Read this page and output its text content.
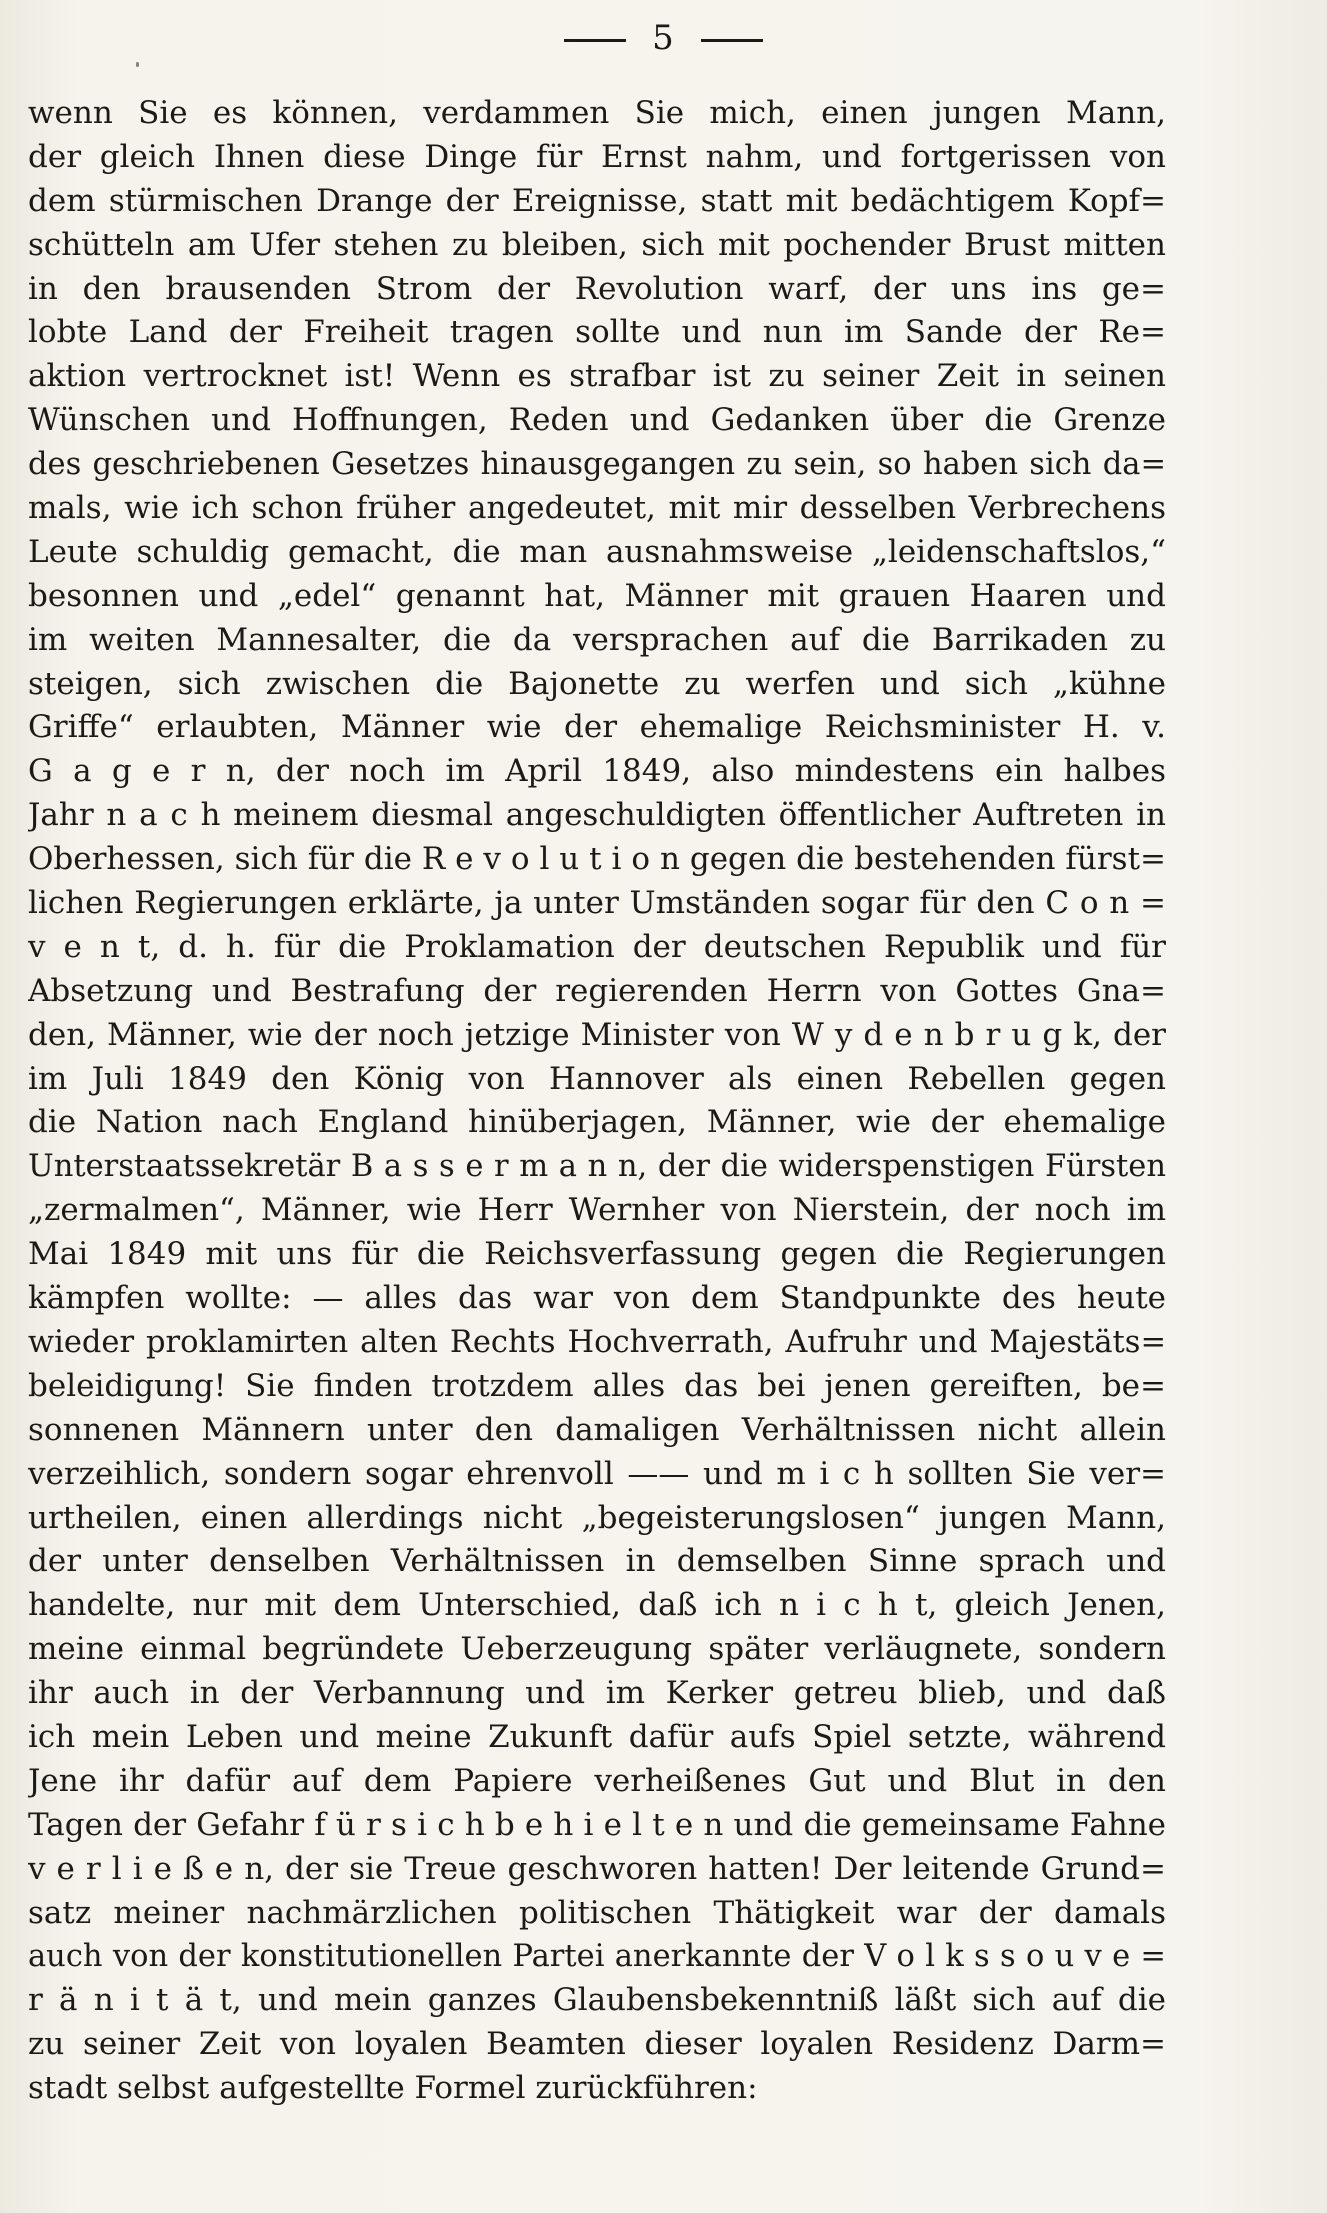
5
wenn Sie es können, verdammen Sie mich, einen jungen Mann,
der gleich Ihnen diese Dinge für Ernst nahm, und fortgerissen von
dem stürmischen Drange der Ereignisse, statt mit bedächtigem Kopf=
schütteln am Ufer stehen zu bleiben, sich mit pochender Brust mitten
in den brausenden Strom der Revolution warf, der uns ins ge=
lobte Land der Freiheit tragen sollte und nun im Sande der Re=
aktion vertrocknet ist! Wenn es strafbar ist zu seiner Zeit in seinen
Wünschen und Hoffnungen, Reden und Gedanken über die Grenze
des geschriebenen Gesetzes hinausgegangen zu sein, so haben sich da=
mals, wie ich schon früher angedeutet, mit mir desselben Verbrechens
Leute schuldig gemacht, die man ausnahmsweise „leidenschaftslos,“
besonnen und „edel“ genannt hat, Männer mit grauen Haaren und
im weiten Mannesalter, die da versprachen auf die Barrikaden zu
steigen, sich zwischen die Bajonette zu werfen und sich „kühne
Griffe“ erlaubten, Männer wie der ehemalige Reichsminister H. v.
G a g e r n, der noch im April 1849, also mindestens ein halbes
Jahr n a c h meinem diesmal angeschuldigten öffentlicher Auftreten in
Oberhessen, sich für die R e v o l u t i o n gegen die bestehenden fürst=
lichen Regierungen erklärte, ja unter Umständen sogar für den C o n =
v e n t, d. h. für die Proklamation der deutschen Republik und für
Absetzung und Bestrafung der regierenden Herrn von Gottes Gna=
den, Männer, wie der noch jetzige Minister von W y d e n b r u g k, der
im Juli 1849 den König von Hannover als einen Rebellen gegen
die Nation nach England hinüberjagen, Männer, wie der ehemalige
Unterstaatssekretär B a s s e r m a n n, der die widerspenstigen Fürsten
„zermalmen“, Männer, wie Herr Wernher von Nierstein, der noch im
Mai 1849 mit uns für die Reichsverfassung gegen die Regierungen
kämpfen wollte: — alles das war von dem Standpunkte des heute
wieder proklamirten alten Rechts Hochverrath, Aufruhr und Majestäts=
beleidigung! Sie finden trotzdem alles das bei jenen gereiften, be=
sonnenen Männern unter den damaligen Verhältnissen nicht allein
verzeihlich, sondern sogar ehrenvoll —— und m i c h sollten Sie ver=
urtheilen, einen allerdings nicht „begeisterungslosen“ jungen Mann,
der unter denselben Verhältnissen in demselben Sinne sprach und
handelte, nur mit dem Unterschied, daß ich n i c h t, gleich Jenen,
meine einmal begründete Ueberzeugung später verläugnete, sondern
ihr auch in der Verbannung und im Kerker getreu blieb, und daß
ich mein Leben und meine Zukunft dafür aufs Spiel setzte, während
Jene ihr dafür auf dem Papiere verheißenes Gut und Blut in den
Tagen der Gefahr f ü r s i c h b e h i e l t e n und die gemeinsame Fahne
v e r l i e ß e n, der sie Treue geschworen hatten! Der leitende Grund=
satz meiner nachmärzlichen politischen Thätigkeit war der damals
auch von der konstitutionellen Partei anerkannte der V o l k s s o u v e =
r ä n i t ä t, und mein ganzes Glaubensbekenntniß läßt sich auf die
zu seiner Zeit von loyalen Beamten dieser loyalen Residenz Darm=
stadt selbst aufgestellte Formel zurückführen:
